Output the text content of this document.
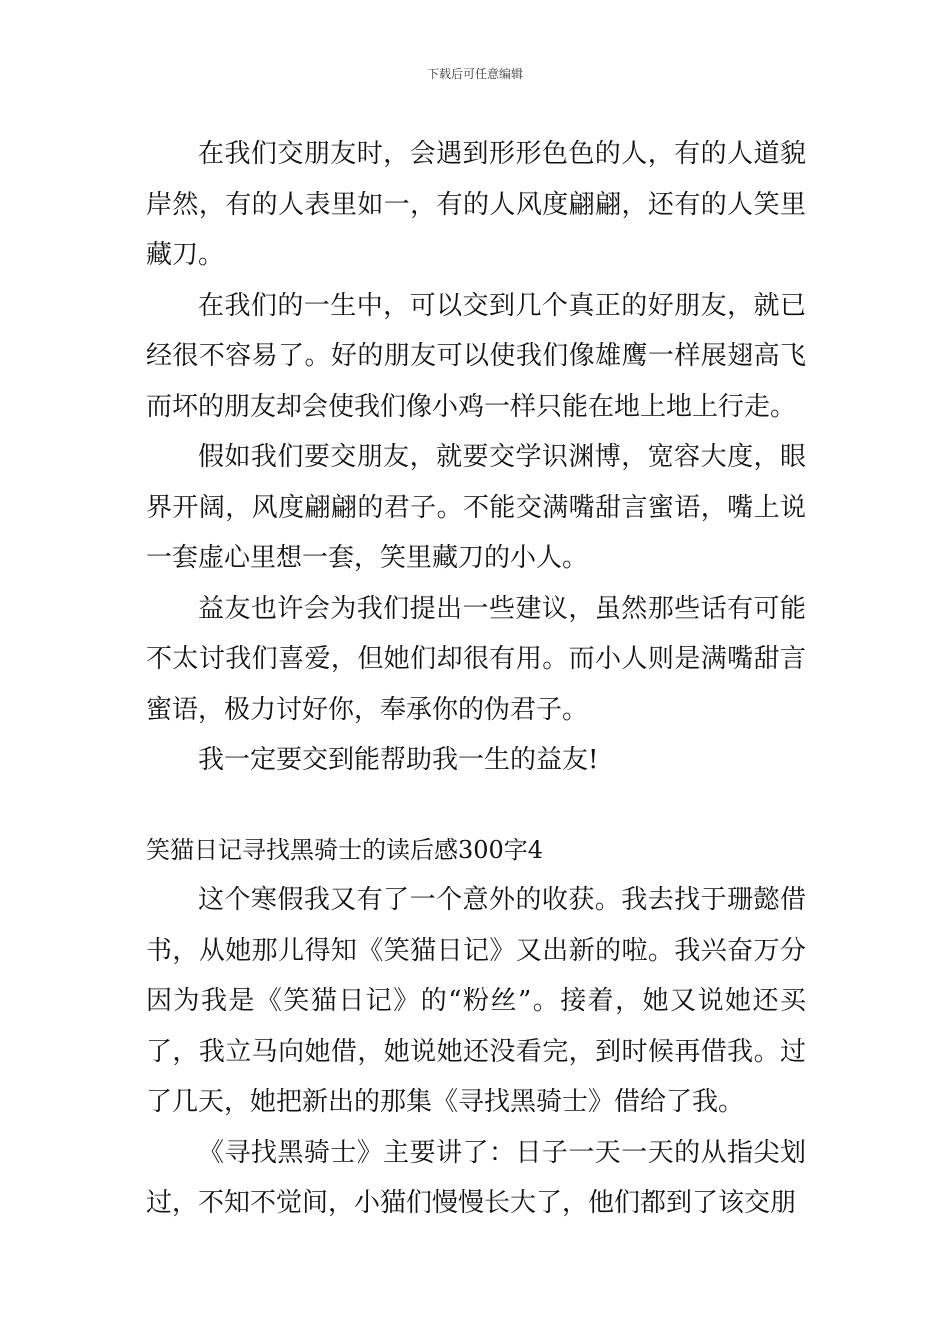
下载后可任意编辑

在我们交朋友时，会遇到形形色色的人，有的人道貌岸然，有的人表里如一，有的人风度翩翩，还有的人笑里藏刀。

在我们的一生中，可以交到几个真正的好朋友，就已经很不容易了。好的朋友可以使我们像雄鹰一样展翅高飞而坏的朋友却会使我们像小鸡一样只能在地上地上行走。

假如我们要交朋友，就要交学识渊博，宽容大度，眼界开阔，风度翩翩的君子。不能交满嘴甜言蜜语，嘴上说一套虚心里想一套，笑里藏刀的小人。

益友也许会为我们提出一些建议，虽然那些话有可能不太讨我们喜爱，但她们却很有用。而小人则是满嘴甜言蜜语，极力讨好你，奉承你的伪君子。

我一定要交到能帮助我一生的益友!

笑猫日记寻找黑骑士的读后感300字4

这个寒假我又有了一个意外的收获。我去找于珊懿借书，从她那儿得知《笑猫日记》又出新的啦。我兴奋万分因为我是《笑猫日记》的“粉丝”。接着，她又说她还买了，我立马向她借，她说她还没看完，到时候再借我。过了几天，她把新出的那集《寻找黑骑士》借给了我。

《寻找黑骑士》主要讲了：日子一天一天的从指尖划过，不知不觉间，小猫们慢慢长大了，他们都到了该交朋
